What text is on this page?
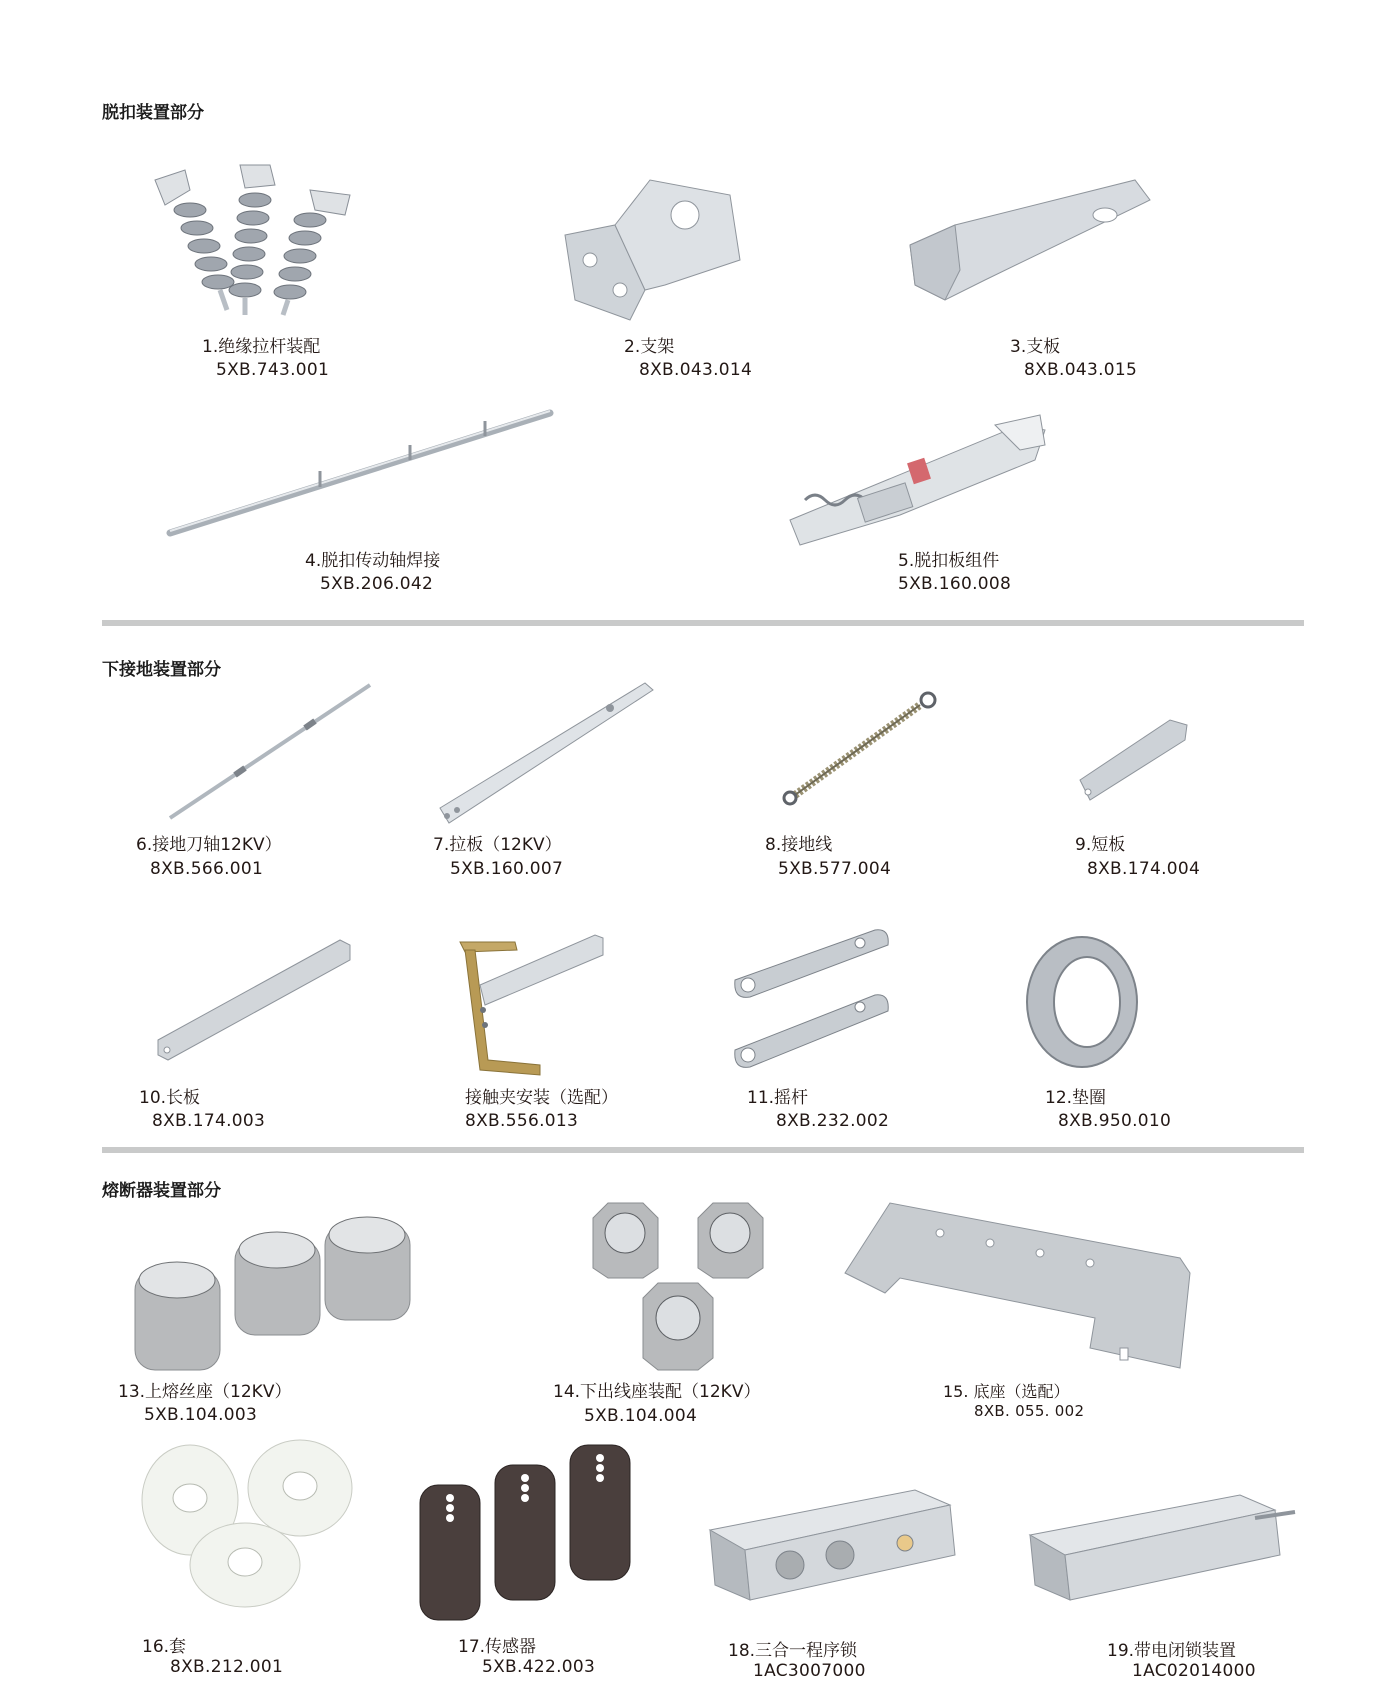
脱扣装置部分
1.绝缘拉杆装配
5XB.743.001
2.支架
8XB.043.014
3.支板
8XB.043.015
4.脱扣传动轴焊接
5XB.206.042
5.脱扣板组件
5XB.160.008
下接地装置部分
6.接地刀轴12KV）
8XB.566.001
7.拉板（12KV）
5XB.160.007
8.接地线
5XB.577.004
9.短板
8XB.174.004
10.长板
8XB.174.003
接触夹安装（选配）
8XB.556.013
11.摇杆
8XB.232.002
12.垫圈
8XB.950.010
熔断器装置部分
13.上熔丝座（12KV）
5XB.104.003
14.下出线座装配（12KV）
5XB.104.004
15. 底座（选配）
8XB. 055. 002
16.套
8XB.212.001
17.传感器
5XB.422.003
18.三合一程序锁
1AC3007000
19.带电闭锁装置
1AC02014000
